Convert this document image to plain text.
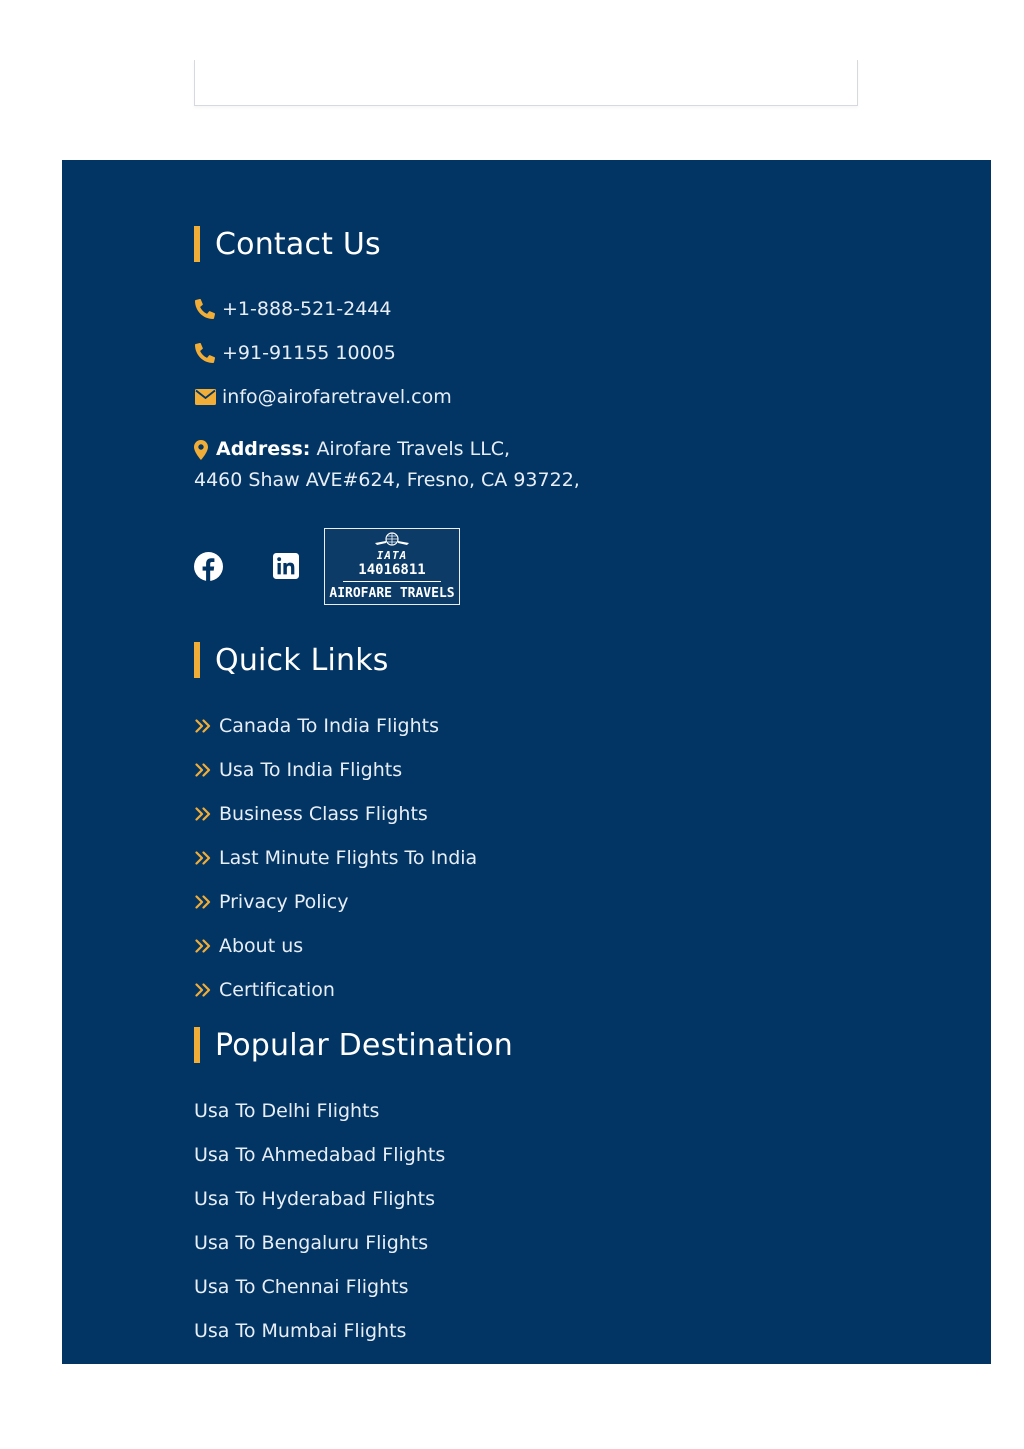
Contact Us
+1-888-521-2444
+91-91155 10005
info@airofaretravel.com
Address:
Airofare Travels LLC,
4460 Shaw AVE#624, Fresno, CA 93722,
IATA
14016811
AIROFARE TRAVELS
Quick Links
Canada To India Flights
Usa To India Flights
Business Class Flights
Last Minute Flights To India
Privacy Policy
About us
Certification
Popular Destination
Usa To Delhi Flights
Usa To Ahmedabad Flights
Usa To Hyderabad Flights
Usa To Bengaluru Flights
Usa To Chennai Flights
Usa To Mumbai Flights
